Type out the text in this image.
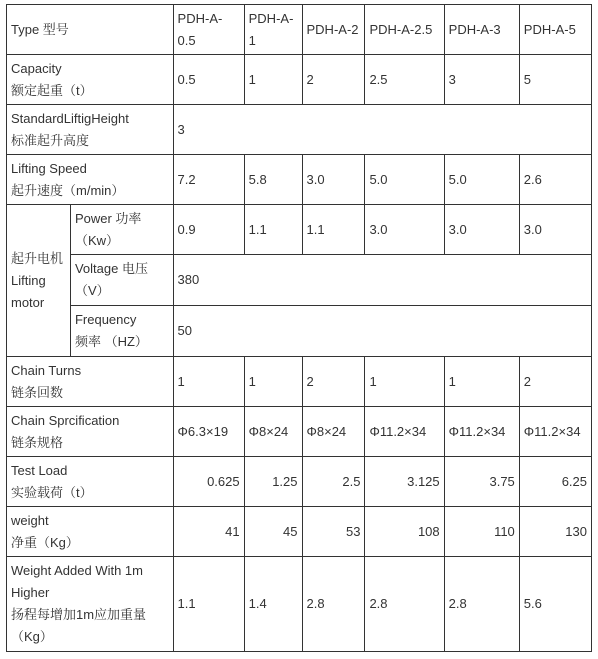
Type 型号		PDH-A-0.5	PDH-A-1	PDH-A-2	PDH-A-2.5	PDH-A-3	PDH-A-5
Capacity
额定起重（t）		0.5	1	2	2.5	3	5
StandardLiftigHeight
标准起升高度		3					
Lifting Speed
起升速度（m/min）		7.2	5.8	3.0	5.0	5.0	2.6
起升电机
Lifting
motor	Power 功率
（Kw）	0.9	1.1	1.1	3.0	3.0	3.0
	Voltage 电压
（V）	380					
	Frequency
频率 （HZ）	50					
Chain Turns
链条回数		1	1	2	1	1	2
Chain Sprcification
链条规格		Φ6.3×19	Φ8×24	Φ8×24	Φ11.2×34	Φ11.2×34	Φ11.2×34
Test Load
实验载荷（t）		0.625	1.25	2.5	3.125	3.75	6.25
weight
净重（Kg）		41	45	53	108	110	130
Weight Added With 1m
Higher
扬程每增加1m应加重量
（Kg）		1.1	1.4	2.8	2.8	2.8	5.6
